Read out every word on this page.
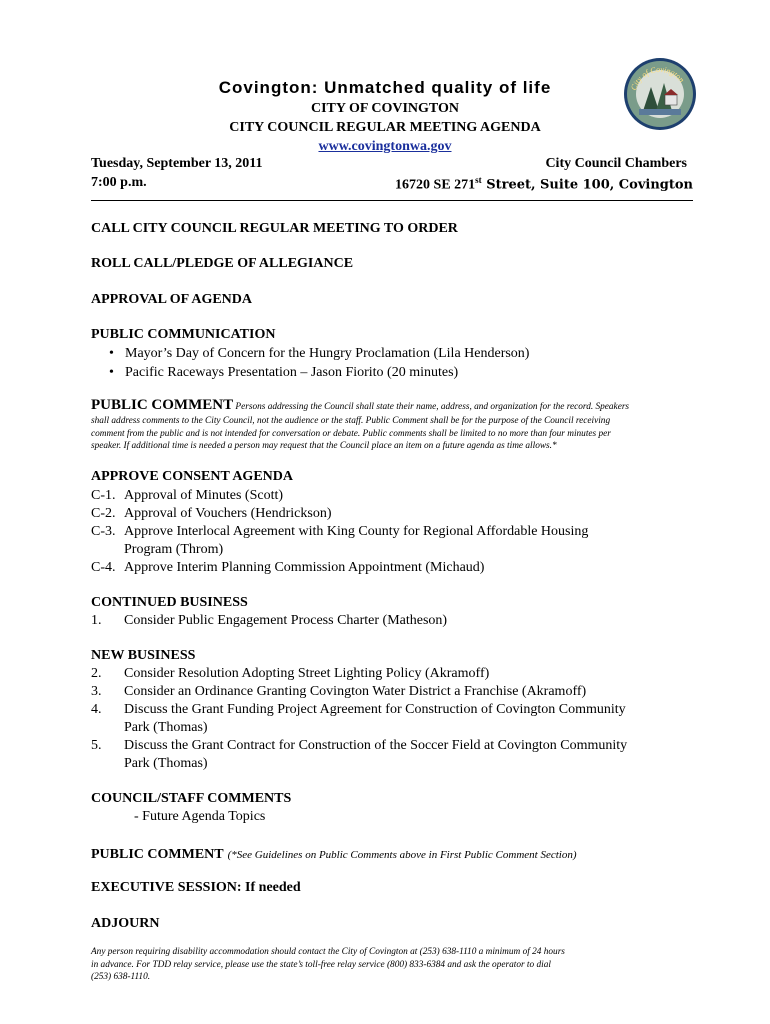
Covington: Unmatched quality of life
CITY OF COVINGTON
CITY COUNCIL REGULAR MEETING AGENDA
www.covingtonwa.gov
City of Covington
Tuesday, September 13, 2011
7:00 p.m.
City Council Chambers
16720 SE 271st Street, Suite 100, Covington
CALL CITY COUNCIL REGULAR MEETING TO ORDER
ROLL CALL/PLEDGE OF ALLEGIANCE
APPROVAL OF AGENDA
PUBLIC COMMUNICATION
• Mayor’s Day of Concern for the Hungry Proclamation (Lila Henderson)
• Pacific Raceways Presentation – Jason Fiorito (20 minutes)
PUBLIC COMMENT Persons addressing the Council shall state their name, address, and organization for the record. Speakers
shall address comments to the City Council, not the audience or the staff. Public Comment shall be for the purpose of the Council receiving
comment from the public and is not intended for conversation or debate. Public comments shall be limited to no more than four minutes per
speaker. If additional time is needed a person may request that the Council place an item on a future agenda as time allows.*
APPROVE CONSENT AGENDA
C-1. Approval of Minutes (Scott)
C-2. Approval of Vouchers (Hendrickson)
C-3. Approve Interlocal Agreement with King County for Regional Affordable Housing
Program (Throm)
C-4. Approve Interim Planning Commission Appointment (Michaud)
CONTINUED BUSINESS
1. Consider Public Engagement Process Charter (Matheson)
NEW BUSINESS
2. Consider Resolution Adopting Street Lighting Policy (Akramoff)
3. Consider an Ordinance Granting Covington Water District a Franchise (Akramoff)
4. Discuss the Grant Funding Project Agreement for Construction of Covington Community
Park (Thomas)
5. Discuss the Grant Contract for Construction of the Soccer Field at Covington Community
Park (Thomas)
COUNCIL/STAFF COMMENTS
- Future Agenda Topics
PUBLIC COMMENT (*See Guidelines on Public Comments above in First Public Comment Section)
EXECUTIVE SESSION: If needed
ADJOURN
Any person requiring disability accommodation should contact the City of Covington at (253) 638-1110 a minimum of 24 hours
in advance. For TDD relay service, please use the state’s toll-free relay service (800) 833-6384 and ask the operator to dial
(253) 638-1110.
